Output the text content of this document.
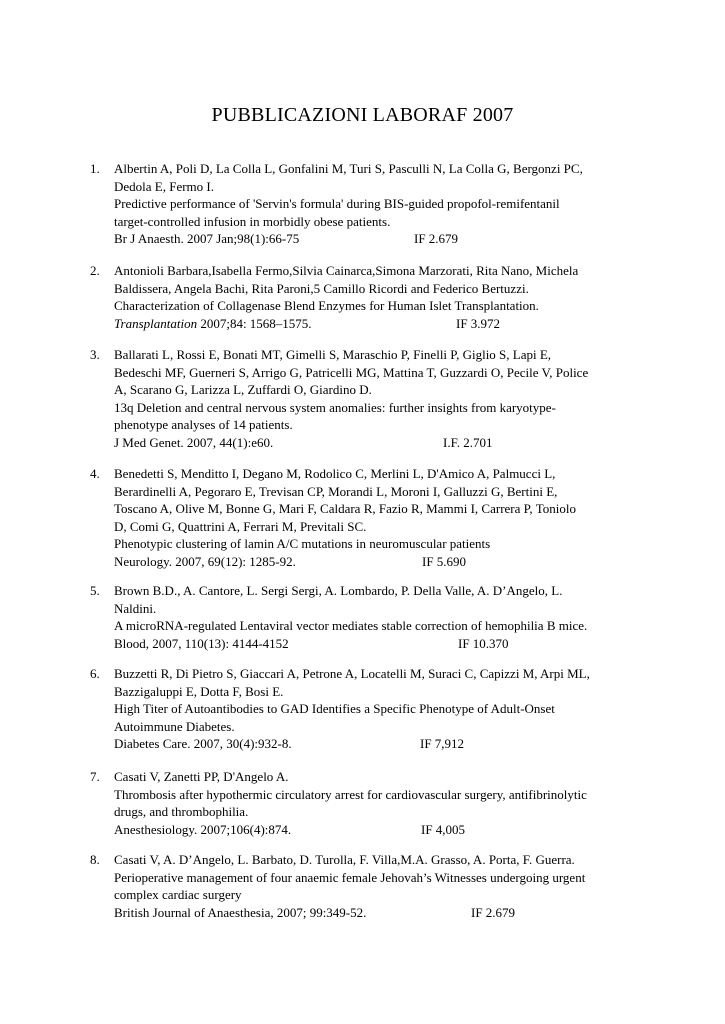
PUBBLICAZIONI LABORAF 2007
1.	Albertin A, Poli D, La Colla L, Gonfalini M, Turi S, Pasculli N, La Colla G, Bergonzi PC,
Dedola E, Fermo I.
Predictive performance of 'Servin's formula' during BIS-guided propofol-remifentanil
target-controlled infusion in morbidly obese patients.
Br J Anaesth. 2007 Jan;98(1):66-75	IF 2.679
2.	Antonioli Barbara,Isabella Fermo,Silvia Cainarca,Simona Marzorati, Rita Nano, Michela
Baldissera, Angela Bachi, Rita Paroni,5 Camillo Ricordi and Federico Bertuzzi.
Characterization of Collagenase Blend Enzymes for Human Islet Transplantation.
Transplantation 2007;84: 1568–1575.	IF 3.972
3.	Ballarati L, Rossi E, Bonati MT, Gimelli S, Maraschio P, Finelli P, Giglio S, Lapi E,
Bedeschi MF, Guerneri S, Arrigo G, Patricelli MG, Mattina T, Guzzardi O, Pecile V, Police
A, Scarano G, Larizza L, Zuffardi O, Giardino D.
13q Deletion and central nervous system anomalies: further insights from karyotype-
phenotype analyses of 14 patients.
J Med Genet. 2007, 44(1):e60.	I.F. 2.701
4.	Benedetti S, Menditto I, Degano M, Rodolico C, Merlini L, D'Amico A, Palmucci L,
Berardinelli A, Pegoraro E, Trevisan CP, Morandi L, Moroni I, Galluzzi G, Bertini E,
Toscano A, Olive M, Bonne G, Mari F, Caldara R, Fazio R, Mammi I, Carrera P, Toniolo
D, Comi G, Quattrini A, Ferrari M, Previtali SC.
Phenotypic clustering of lamin A/C mutations in neuromuscular patients
Neurology. 2007, 69(12): 1285-92.	IF 5.690
5.	Brown B.D., A. Cantore, L. Sergi Sergi, A. Lombardo, P. Della Valle, A. D’Angelo, L.
Naldini.
A microRNA-regulated Lentaviral vector mediates stable correction of hemophilia B mice.
Blood, 2007, 110(13): 4144-4152	IF 10.370
6.	Buzzetti R, Di Pietro S, Giaccari A, Petrone A, Locatelli M, Suraci C, Capizzi M, Arpi ML,
Bazzigaluppi E, Dotta F, Bosi E.
High Titer of Autoantibodies to GAD Identifies a Specific Phenotype of Adult-Onset
Autoimmune Diabetes.
Diabetes Care. 2007, 30(4):932-8.	IF 7,912
7.	Casati V, Zanetti PP, D'Angelo A.
Thrombosis after hypothermic circulatory arrest for cardiovascular surgery, antifibrinolytic
drugs, and thrombophilia.
Anesthesiology. 2007;106(4):874.	IF 4,005
8.	Casati V, A. D’Angelo, L. Barbato, D. Turolla, F. Villa,M.A. Grasso, A. Porta, F. Guerra.
Perioperative management of four anaemic female Jehovah’s Witnesses undergoing urgent
complex cardiac surgery
British Journal of Anaesthesia, 2007; 99:349-52.	IF 2.679
